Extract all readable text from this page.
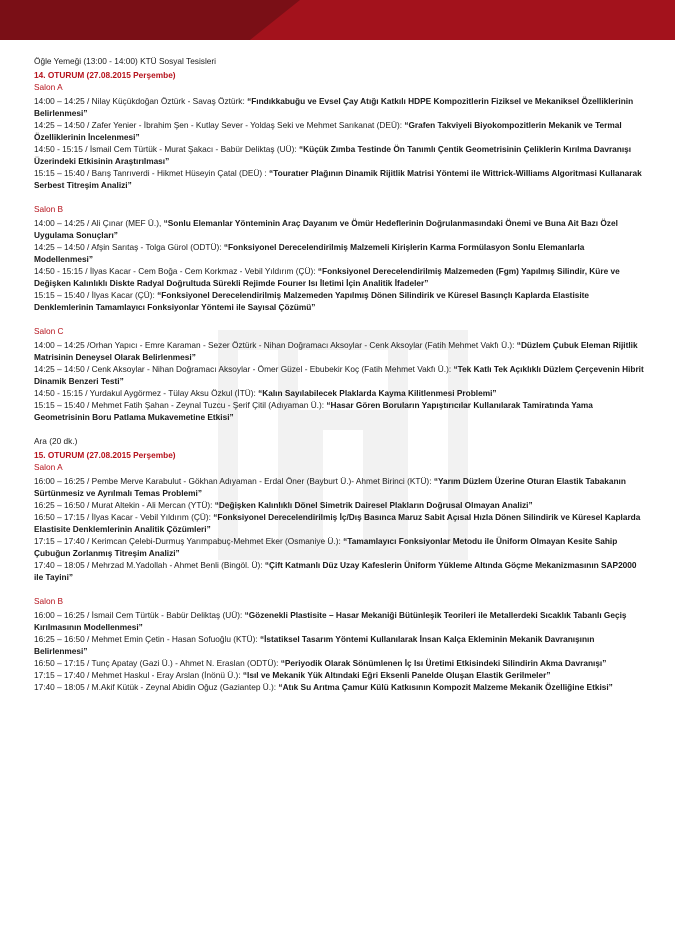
Öğle Yemeği (13:00 - 14:00) KTÜ Sosyal Tesisleri
14. OTURUM (27.08.2015 Perşembe)
Salon A
14:00 – 14:25 / Nilay Küçükdoğan Öztürk - Savaş Öztürk: “Fındıkkabuğu ve Evsel Çay Atığı Katkılı HDPE Kompozitlerin Fiziksel ve Mekaniksel Özelliklerinin Belirlenmesi”
14:25 – 14:50 / Zafer Yenier - İbrahim Şen - Kutlay Sever - Yoldaş Seki ve Mehmet Sarıkanat (DEÜ): “Grafen Takviyeli Biyokompozitlerin Mekanik ve Termal Özelliklerinin İncelenmesi”
14:50 - 15:15 / İsmail Cem Türtük - Murat Şakacı - Babür Deliktaş (UÜ): “Küçük Zımba Testinde Ön Tanımlı Çentik Geometrisinin Çeliklerin Kırılma Davranışı Üzerindeki Etkisinin Araştırılması”
15:15 – 15:40 / Barış Tanrıverdi - Hikmet Hüseyin Çatal (DEÜ) : “Touratıer Plağının Dinamik Rijitlik Matrisi Yöntemi ile Wittrick-Williams Algoritmasi Kullanarak Serbest Titreşim Analizi”
Salon B
14:00 – 14:25 / Ali Çınar (MEF Ü.), “Sonlu Elemanlar Yönteminin Araç Dayanım ve Ömür Hedeflerinin Doğrulanmasındaki Önemi ve Buna Ait Bazı Özel Uygulama Sonuçları”
14:25 – 14:50 / Afşin Sarıtaş - Tolga Gürol (ODTÜ): “Fonksiyonel Derecelendirilmiş Malzemeli Kirişlerin Karma Formülasyon Sonlu Elemanlarla Modellenmesi”
14:50 - 15:15 / İlyas Kacar - Cem Boğa - Cem Korkmaz - Vebil Yıldırım (ÇÜ): “Fonksiyonel Derecelendirilmiş Malzemeden (Fgm) Yapılmış Silindir, Küre ve Değişken Kalınlıklı Diskte Radyal Doğrultuda Sürekli Rejimde Fourıer Isı İletimi İçin Analitik İfadeler”
15:15 – 15:40 / İlyas Kacar (ÇÜ): “Fonksiyonel Derecelendirilmiş Malzemeden Yapılmış Dönen Silindirik ve Küresel Basınçlı Kaplarda Elastisite Denklemlerinin Tamamlayıcı Fonksiyonlar Yöntemi ile Sayısal Çözümü”
Salon C
14:00 – 14:25 /Orhan Yapıcı - Emre Karaman - Sezer Öztürk - Nihan Doğramacı Aksoylar - Cenk Aksoylar (Fatih Mehmet Vakfı Ü.): “Düzlem Çubuk Eleman Rijitlik Matrisinin Deneysel Olarak Belirlenmesi”
14:25 – 14:50 / Cenk Aksoylar - Nihan Doğramacı Aksoylar - Ömer Güzel - Ebubekir Koç (Fatih Mehmet Vakfı Ü.): “Tek Katlı Tek Açıklıklı Düzlem Çerçevenin Hibrit Dinamik Benzeri Testi”
14:50 - 15:15 / Yurdakul Aygörmez - Tülay Aksu Özkul (İTÜ): “Kalın Sayılabilecek Plaklarda Kayma Kilitlenmesi Problemi”
15:15 – 15:40 / Mehmet Fatih Şahan - Zeynal Tuzcu - Şerif Çitil (Adıyaman Ü.): “Hasar Gören Boruların Yapıştırıcılar Kullanılarak Tamiratında Yama Geometrisinin Boru Patlama Mukavemetine Etkisi”
Ara (20 dk.)
15. OTURUM (27.08.2015 Perşembe)
Salon A
16:00 – 16:25 / Pembe Merve Karabulut - Gökhan Adıyaman - Erdal Öner (Bayburt Ü.)- Ahmet Birinci (KTÜ): “Yarım Düzlem Üzerine Oturan Elastik Tabakanın Sürtünmesiz ve Ayrılmalı Temas Problemi”
16:25 – 16:50 / Murat Altekin - Ali Mercan (YTÜ): “Değişken Kalınlıklı Dönel Simetrik Dairesel Plakların Doğrusal Olmayan Analizi”
16:50 – 17:15 / İlyas Kacar - Vebil Yıldırım (ÇÜ): “Fonksiyonel Derecelendirilmiş İç/Dış Basınca Maruz Sabit Açısal Hızla Dönen Silindirik ve Küresel Kaplarda Elastisite Denklemlerinin Analitik Çözümleri”
17:15 – 17:40 / Kerimcan Çelebi-Durmuş Yarımpabuç-Mehmet Eker (Osmaniye Ü.): “Tamamlayıcı Fonksiyonlar Metodu ile Üniform Olmayan Kesite Sahip Çubuğun Zorlanmış Titreşim Analizi”
17:40 – 18:05 / Mehrzad M.Yadollah - Ahmet Benli (Bingöl. Ü): “Çift Katmanlı Düz Uzay Kafeslerin Üniform Yükleme Altında Göçme Mekanizmasının SAP2000 ile Tayini”
Salon B
16:00 – 16:25 / İsmail Cem Türtük - Babür Deliktaş (UÜ): “Gözenekli Plastisite – Hasar Mekaniği Bütünleşik Teorileri ile Metallerdeki Sıcaklık Tabanlı Geçiş Kırılmasının Modellenmesi”
16:25 – 16:50 / Mehmet Emin Çetin - Hasan Sofuoğlu (KTÜ): “İstatiksel Tasarım Yöntemi Kullanılarak İnsan Kalça Ekleminin Mekanik Davranışının Belirlenmesi”
16:50 – 17:15 / Tunç Apatay (Gazi Ü.) - Ahmet N. Eraslan (ODTÜ): “Periyodik Olarak Sönümlenen İç Isı Üretimi Etkisindeki Silindirin Akma Davranışı”
17:15 – 17:40 / Mehmet Haskul - Eray Arslan (İnönü Ü.): “Isıl ve Mekanik Yük Altındaki Eğri Eksenli Panelde Oluşan Elastik Gerilmeler”
17:40 – 18:05 / M.Akif Kütük - Zeynal Abidin Oğuz (Gaziantep Ü.): “Atık Su Arıtma Çamur Külü Katkısının Kompozit Malzeme Mekanik Özelliğine Etkisi”
